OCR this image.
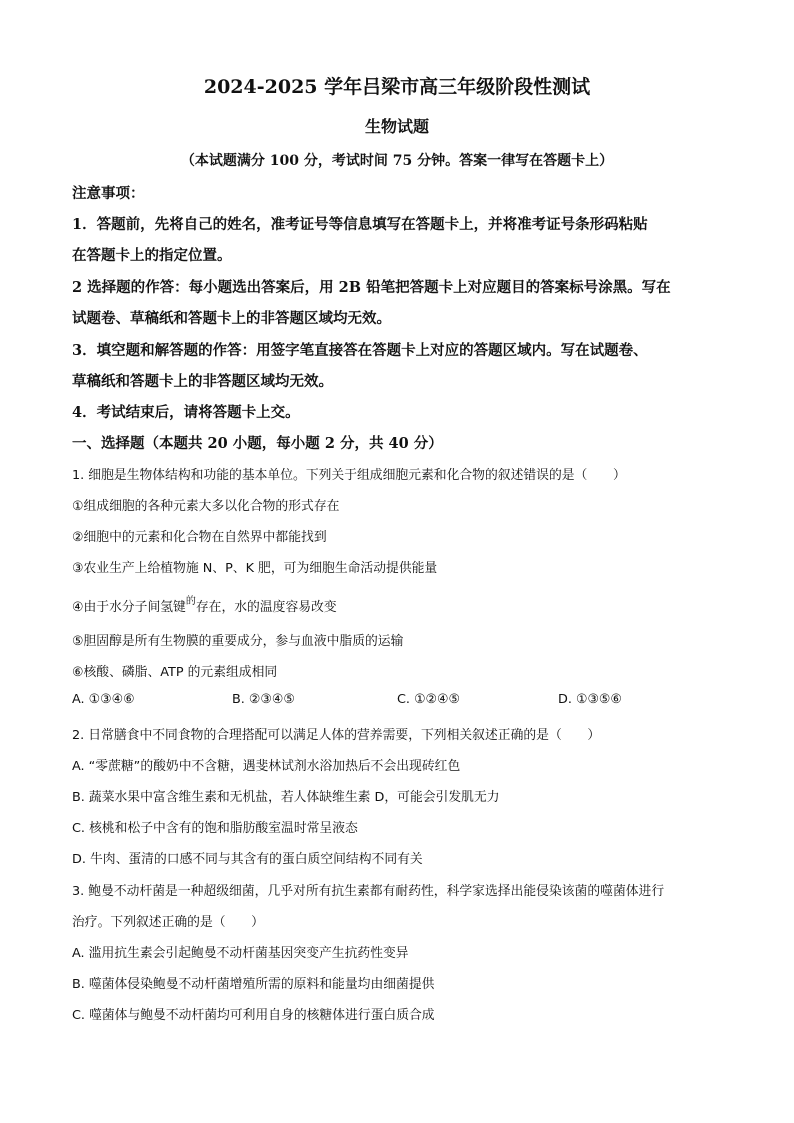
2024-2025 学年吕梁市高三年级阶段性测试
生物试题
（本试题满分 100 分，考试时间 75 分钟。答案一律写在答题卡上）
注意事项：
1．答题前，先将自己的姓名，准考证号等信息填写在答题卡上，并将准考证号条形码粘贴
在答题卡上的指定位置。
2 选择题的作答：每小题选出答案后，用 2B 铅笔把答题卡上对应题目的答案标号涂黑。写在
试题卷、草稿纸和答题卡上的非答题区域均无效。
3．填空题和解答题的作答：用签字笔直接答在答题卡上对应的答题区域内。写在试题卷、
草稿纸和答题卡上的非答题区域均无效。
4．考试结束后，请将答题卡上交。
一、选择题（本题共 20 小题，每小题 2 分，共 40 分）
1. 细胞是生物体结构和功能的基本单位。下列关于组成细胞元素和化合物的叙述错误的是（　　）
①组成细胞的各种元素大多以化合物的形式存在
②细胞中的元素和化合物在自然界中都能找到
③农业生产上给植物施 N、P、K 肥，可为细胞生命活动提供能量
④由于水分子间氢键$^的$存在，水的温度容易改变
⑤胆固醇是所有生物膜的重要成分，参与血液中脂质的运输
⑥核酸、磷脂、ATP 的元素组成相同
A. ①③④⑥	B. ②③④⑤	C. ①②④⑤	D. ①③⑤⑥
2. 日常膳食中不同食物的合理搭配可以满足人体的营养需要，下列相关叙述正确的是（　　）
A. “零蔗糖”的酸奶中不含糖，遇斐林试剂水浴加热后不会出现砖红色
B. 蔬菜水果中富含维生素和无机盐，若人体缺维生素 D，可能会引发肌无力
C. 核桃和松子中含有的饱和脂肪酸室温时常呈液态
D. 牛肉、蛋清的口感不同与其含有的蛋白质空间结构不同有关
3. 鲍曼不动杆菌是一种超级细菌，几乎对所有抗生素都有耐药性，科学家选择出能侵染该菌的噬菌体进行
治疗。下列叙述正确的是（　　）
A. 滥用抗生素会引起鲍曼不动杆菌基因突变产生抗药性变异
B. 噬菌体侵染鲍曼不动杆菌增殖所需的原料和能量均由细菌提供
C. 噬菌体与鲍曼不动杆菌均可利用自身的核糖体进行蛋白质合成
